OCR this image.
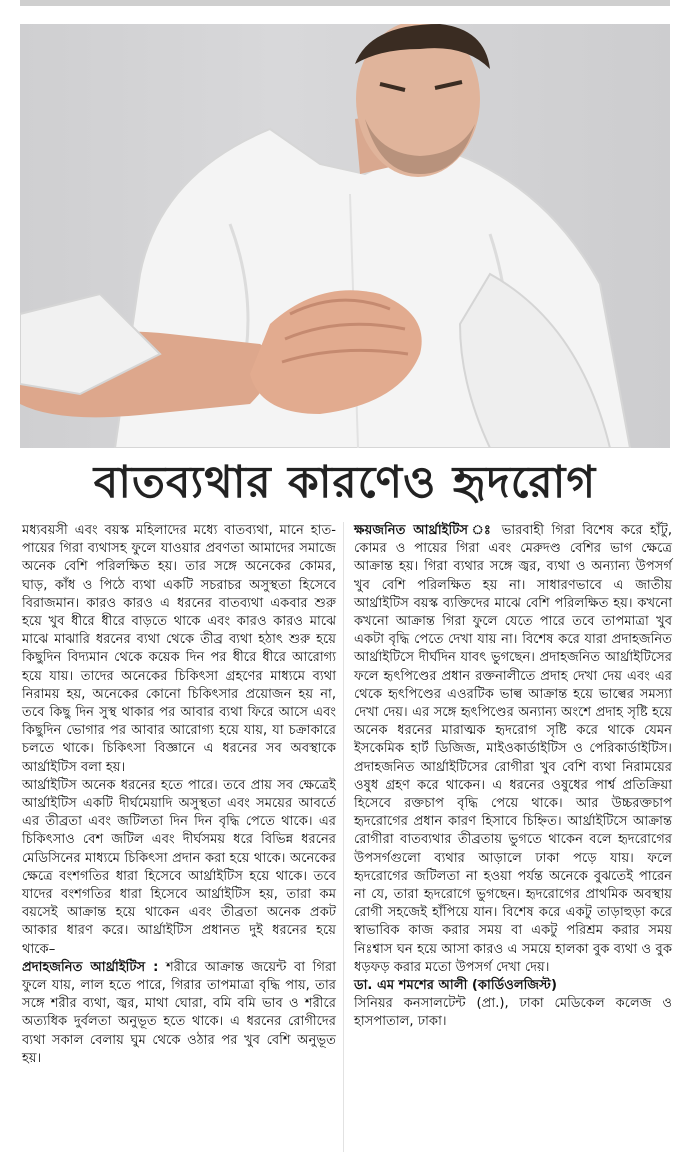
বাতব্যথার কারণেও হৃদরোগ

মধ্যবয়সী এবং বয়স্ক মহিলাদের মধ্যে বাতব্যথা, মানে হাত-পায়ের গিরা ব্যথাসহ ফুলে যাওয়ার প্রবণতা আমাদের সমাজে অনেক বেশি পরিলক্ষিত হয়। তার সঙ্গে অনেকের কোমর, ঘাড়, কাঁধ ও পিঠে ব্যথা একটি সচরাচর অসুস্থতা হিসেবে বিরাজমান। কারও কারও এ ধরনের বাতব্যথা একবার শুরু হয়ে খুব ধীরে ধীরে বাড়তে থাকে এবং কারও কারও মাঝে মাঝে মাঝারি ধরনের ব্যথা থেকে তীব্র ব্যথা হঠাৎ শুরু হয়ে কিছুদিন বিদ্যমান থেকে কয়েক দিন পর ধীরে ধীরে আরোগ্য হয়ে যায়। তাদের অনেকের চিকিৎসা গ্রহণের মাধ্যমে ব্যথা নিরাময় হয়, অনেকের কোনো চিকিৎসার প্রয়োজন হয় না, তবে কিছু দিন সুস্থ থাকার পর আবার ব্যথা ফিরে আসে এবং কিছুদিন ভোগার পর আবার আরোগ্য হয়ে যায়, যা চক্রাকারে চলতে থাকে। চিকিৎসা বিজ্ঞানে এ ধরনের সব অবস্থাকে আর্থ্রাইটিস বলা হয়।

আর্থ্রাইটিস অনেক ধরনের হতে পারে। তবে প্রায় সব ক্ষেত্রেই আর্থ্রাইটিস একটি দীর্ঘমেয়াদি অসুস্থতা এবং সময়ের আবর্তে এর তীব্রতা এবং জটিলতা দিন দিন বৃদ্ধি পেতে থাকে। এর চিকিৎসাও বেশ জটিল এবং দীর্ঘসময় ধরে বিভিন্ন ধরনের মেডিসিনের মাধ্যমে চিকিৎসা প্রদান করা হয়ে থাকে। অনেকের ক্ষেত্রে বংশগতির ধারা হিসেবে আর্থ্রাইটিস হয়ে থাকে। তবে যাদের বংশগতির ধারা হিসেবে আর্থ্রাইটিস হয়, তারা কম বয়সেই আক্রান্ত হয়ে থাকেন এবং তীব্রতা অনেক প্রকট আকার ধারণ করে। আর্থ্রাইটিস প্রধানত দুই ধরনের হয়ে থাকে–

প্রদাহজনিত আর্থ্রাইটিস : শরীরে আক্রান্ত জয়েন্ট বা গিরা ফুলে যায়, লাল হতে পারে, গিরার তাপমাত্রা বৃদ্ধি পায়, তার সঙ্গে শরীর ব্যথা, জ্বর, মাথা ঘোরা, বমি বমি ভাব ও শরীরে অত্যধিক দুর্বলতা অনুভূত হতে থাকে। এ ধরনের রোগীদের ব্যথা সকাল বেলায় ঘুম থেকে ওঠার পর খুব বেশি অনুভূত হয়।

ক্ষয়জনিত আর্থ্রাইটিস ঃ ভারবাহী গিরা বিশেষ করে হাঁটু, কোমর ও পায়ের গিরা এবং মেরুদণ্ড বেশির ভাগ ক্ষেত্রে আক্রান্ত হয়। গিরা ব্যথার সঙ্গে জ্বর, ব্যথা ও অন্যান্য উপসর্গ খুব বেশি পরিলক্ষিত হয় না। সাধারণভাবে এ জাতীয় আর্থ্রাইটিস বয়স্ক ব্যক্তিদের মাঝে বেশি পরিলক্ষিত হয়। কখনো কখনো আক্রান্ত গিরা ফুলে যেতে পারে তবে তাপমাত্রা খুব একটা বৃদ্ধি পেতে দেখা যায় না। বিশেষ করে যারা প্রদাহজনিত আর্থ্রাইটিসে দীর্ঘদিন যাবৎ ভুগছেন। প্রদাহজনিত আর্থ্রাইটিসের ফলে হৃৎপিণ্ডের প্রধান রক্তনালীতে প্রদাহ দেখা দেয় এবং এর থেকে হৃৎপিণ্ডের এওরটিক ভাল্ব আক্রান্ত হয়ে ভাল্বের সমস্যা দেখা দেয়। এর সঙ্গে হৃৎপিণ্ডের অন্যান্য অংশে প্রদাহ সৃষ্টি হয়ে অনেক ধরনের মারাত্মক হৃদরোগ সৃষ্টি করে থাকে যেমন ইসকেমিক হার্ট ডিজিজ, মাইওকার্ডাইটিস ও পেরিকার্ডাইটিস। প্রদাহজনিত আর্থ্রাইটিসের রোগীরা খুব বেশি ব্যথা নিরাময়ের ওষুধ গ্রহণ করে থাকেন। এ ধরনের ওষুধের পার্শ্ব প্রতিক্রিয়া হিসেবে রক্তচাপ বৃদ্ধি পেয়ে থাকে। আর উচ্চরক্তচাপ হৃদরোগের প্রধান কারণ হিসাবে চিহ্নিত। আর্থ্রাইটিসে আক্রান্ত রোগীরা বাতব্যথার তীব্রতায় ভুগতে থাকেন বলে হৃদরোগের উপসর্গগুলো ব্যথার আড়ালে ঢাকা পড়ে যায়। ফলে হৃদরোগের জটিলতা না হওয়া পর্যন্ত অনেকে বুঝতেই পারেন না যে, তারা হৃদরোগে ভুগছেন। হৃদরোগের প্রাথমিক অবস্থায় রোগী সহজেই হাঁপিয়ে যান। বিশেষ করে একটু তাড়াহুড়া করে স্বাভাবিক কাজ করার সময় বা একটু পরিশ্রম করার সময় নিঃশ্বাস ঘন হয়ে আসা কারও এ সময়ে হালকা বুক ব্যথা ও বুক ধড়ফড় করার মতো উপসর্গ দেখা দেয়।

ডা. এম শমশের আলী (কার্ডিওলজিস্ট)

সিনিয়র কনসালটেন্ট (প্রা.), ঢাকা মেডিকেল কলেজ ও হাসপাতাল, ঢাকা।
